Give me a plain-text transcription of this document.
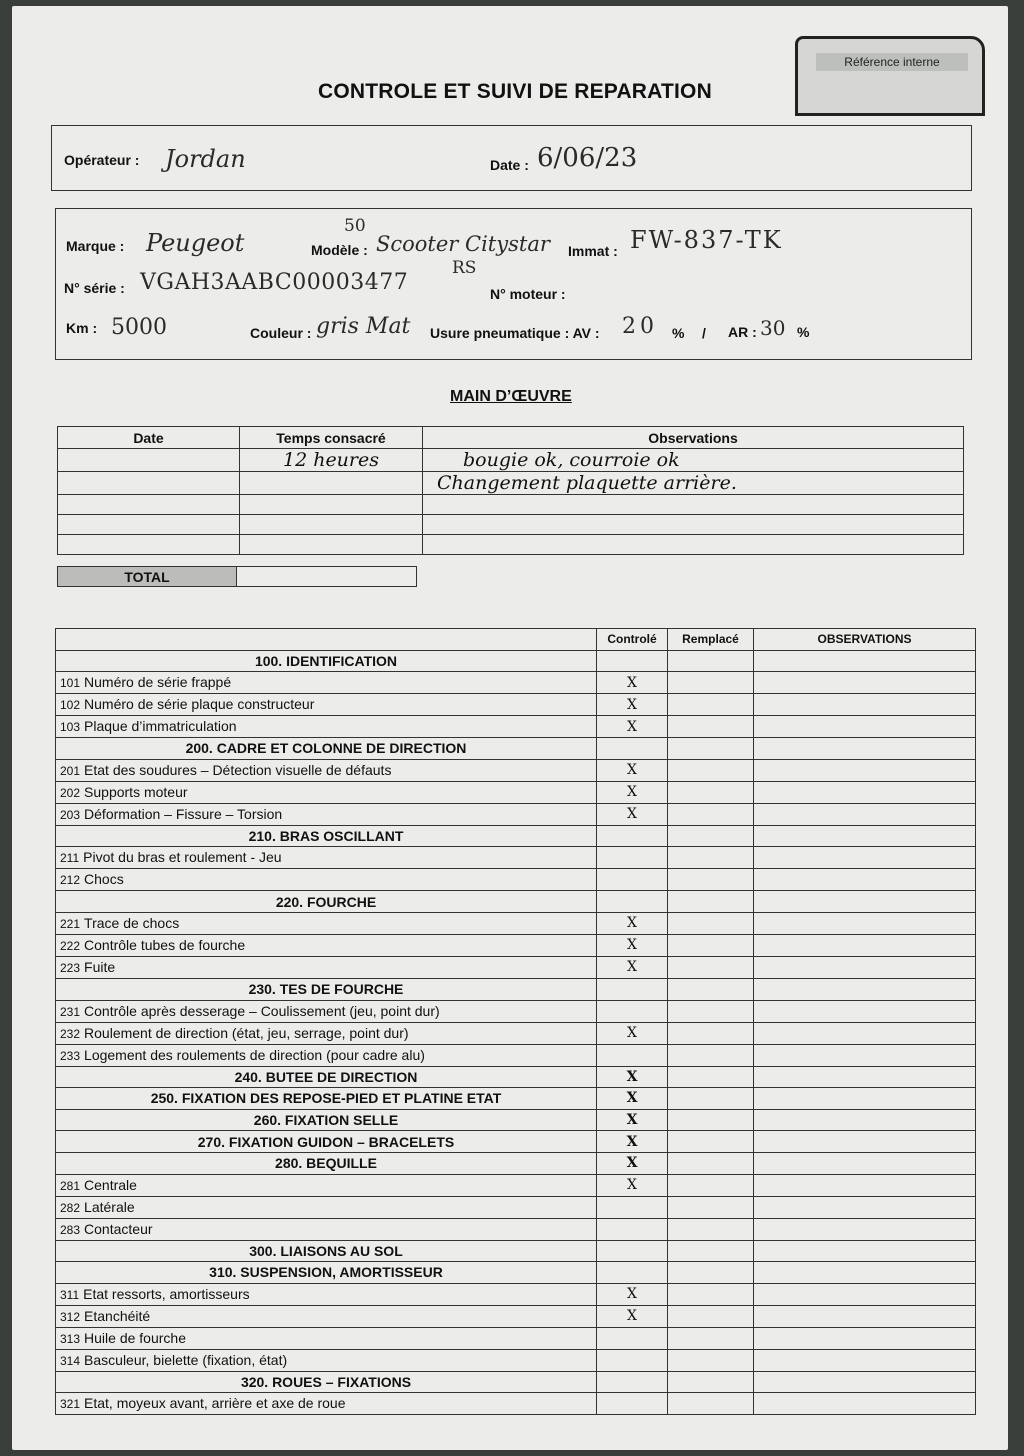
CONTROLE ET SUIVI DE REPARATION
Référence interne
Opérateur : Jordan	Date : 6/06/23
Marque : Peugeot
50
Modèle : Scooter Citystar
RS
Immat : FW-837-TK
N° série : VGAH3AABC00003477	N° moteur :
Km : 5000	Couleur : gris Mat Usure pneumatique : AV : 20 % / AR : 30 %
MAIN D’ŒUVRE
Date	Temps consacré	Observations
	12 heures	bougie ok, courroie ok
		Changement plaquette arrière.

TOTAL	
	Controlé	Remplacé	OBSERVATIONS
100. IDENTIFICATION			
101 Numéro de série frappé	X		
102 Numéro de série plaque constructeur	X		
103 Plaque d’immatriculation	X		
200. CADRE ET COLONNE DE DIRECTION			
201 Etat des soudures – Détection visuelle de défauts	X		
202 Supports moteur	X		
203 Déformation – Fissure – Torsion	X		
210. BRAS OSCILLANT			
211 Pivot du bras et roulement - Jeu			
212 Chocs			
220. FOURCHE			
221 Trace de chocs	X		
222 Contrôle tubes de fourche	X		
223 Fuite	X		
230. TES DE FOURCHE			
231 Contrôle après desserage – Coulissement (jeu, point dur)			
232 Roulement de direction (état, jeu, serrage, point dur)	X		
233 Logement des roulements de direction (pour cadre alu)			
240. BUTEE DE DIRECTION	X		
250. FIXATION DES REPOSE-PIED ET PLATINE ETAT	X		
260. FIXATION SELLE	X		
270. FIXATION GUIDON – BRACELETS	X		
280. BEQUILLE	X		
281 Centrale	X		
282 Latérale			
283 Contacteur			
300. LIAISONS AU SOL			
310. SUSPENSION, AMORTISSEUR			
311 Etat ressorts, amortisseurs	X		
312 Etanchéité	X		
313 Huile de fourche			
314 Basculeur, bielette (fixation, état)			
320. ROUES – FIXATIONS			
321 Etat, moyeux avant, arrière et axe de roue			
